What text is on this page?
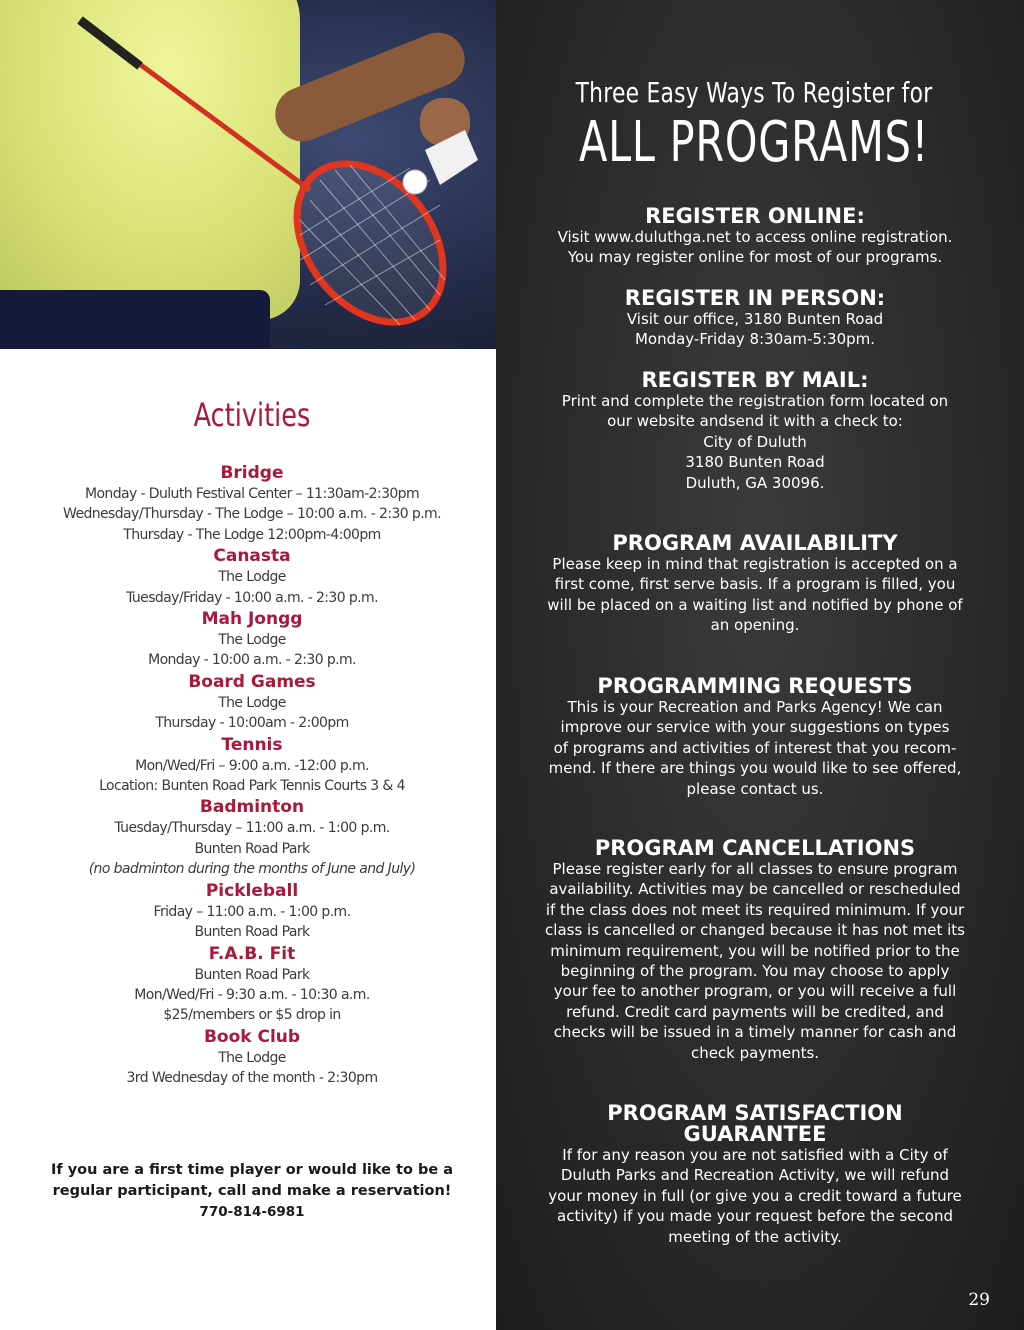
Three Easy Ways To Register for
ALL PROGRAMS!
REGISTER ONLINE:

Visit www.duluthga.net to access online registration.
You may register online for most of our programs.

REGISTER IN PERSON:

Visit our office, 3180 Bunten Road
Monday-Friday 8:30am-5:30pm.

REGISTER BY MAIL:

Print and complete the registration form located on
our website andsend it with a check to:
City of Duluth
3180 Bunten Road
Duluth, GA 30096.

PROGRAM AVAILABILITY

Please keep in mind that registration is accepted on a
first come, first serve basis. If a program is filled, you
will be placed on a waiting list and notified by phone of
an opening.

PROGRAMMING REQUESTS

This is your Recreation and Parks Agency! We can
improve our service with your suggestions on types
of programs and activities of interest that you recom-
mend. If there are things you would like to see offered,
please contact us.

PROGRAM CANCELLATIONS

Please register early for all classes to ensure program
availability. Activities may be cancelled or rescheduled
if the class does not meet its required minimum. If your
class is cancelled or changed because it has not met its
minimum requirement, you will be notified prior to the
beginning of the program. You may choose to apply
your fee to another program, or you will receive a full
refund. Credit card payments will be credited, and
checks will be issued in a timely manner for cash and
check payments.

PROGRAM SATISFACTION
GUARANTEE

If for any reason you are not satisfied with a City of
Duluth Parks and Recreation Activity, we will refund
your money in full (or give you a credit toward a future
activity) if you made your request before the second
meeting of the activity.

29
Activities
Bridge
Monday - Duluth Festival Center – 11:30am-2:30pm
Wednesday/Thursday - The Lodge – 10:00 a.m. - 2:30 p.m.
Thursday - The Lodge 12:00pm-4:00pm
Canasta
The Lodge
Tuesday/Friday - 10:00 a.m. - 2:30 p.m.
Mah Jongg
The Lodge
Monday - 10:00 a.m. - 2:30 p.m.
Board Games
The Lodge
Thursday - 10:00am - 2:00pm
Tennis
Mon/Wed/Fri – 9:00 a.m. -12:00 p.m.
Location: Bunten Road Park Tennis Courts 3 & 4
Badminton
Tuesday/Thursday – 11:00 a.m. - 1:00 p.m.
Bunten Road Park
(no badminton during the months of June and July)
Pickleball
Friday – 11:00 a.m. - 1:00 p.m.
Bunten Road Park
F.A.B. Fit
Bunten Road Park
Mon/Wed/Fri - 9:30 a.m. - 10:30 a.m.
$25/members or $5 drop in
Book Club
The Lodge
3rd Wednesday of the month - 2:30pm
If you are a first time player or would like to be a
regular participant, call and make a reservation!
770-814-6981
